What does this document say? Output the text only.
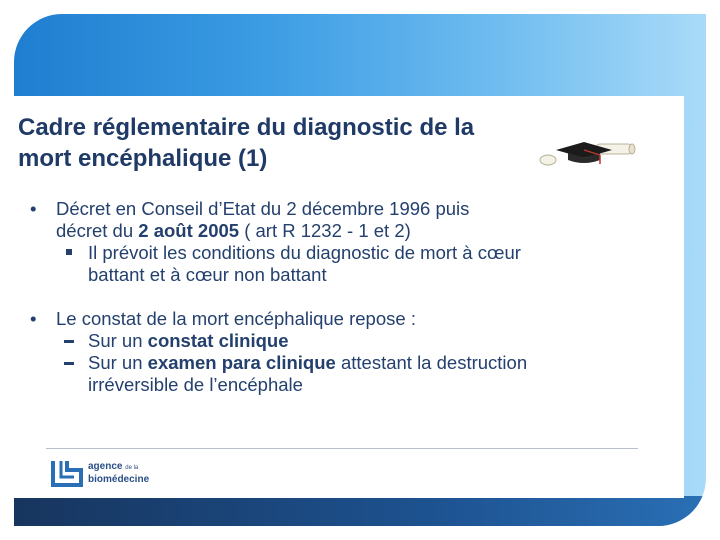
Cadre réglementaire du diagnostic de la
mort encéphalique (1)

• Décret en Conseil d’Etat du 2 décembre 1996 puis
décret du 2 août 2005 ( art R 1232 - 1 et 2)

Il prévoit les conditions du diagnostic de mort à cœur
battant et à cœur non battant

• Le constat de la mort encéphalique repose :

Sur un constat clinique

Sur un examen para clinique attestant la destruction
irréversible de l’encéphale

agence de la
biomédecine
